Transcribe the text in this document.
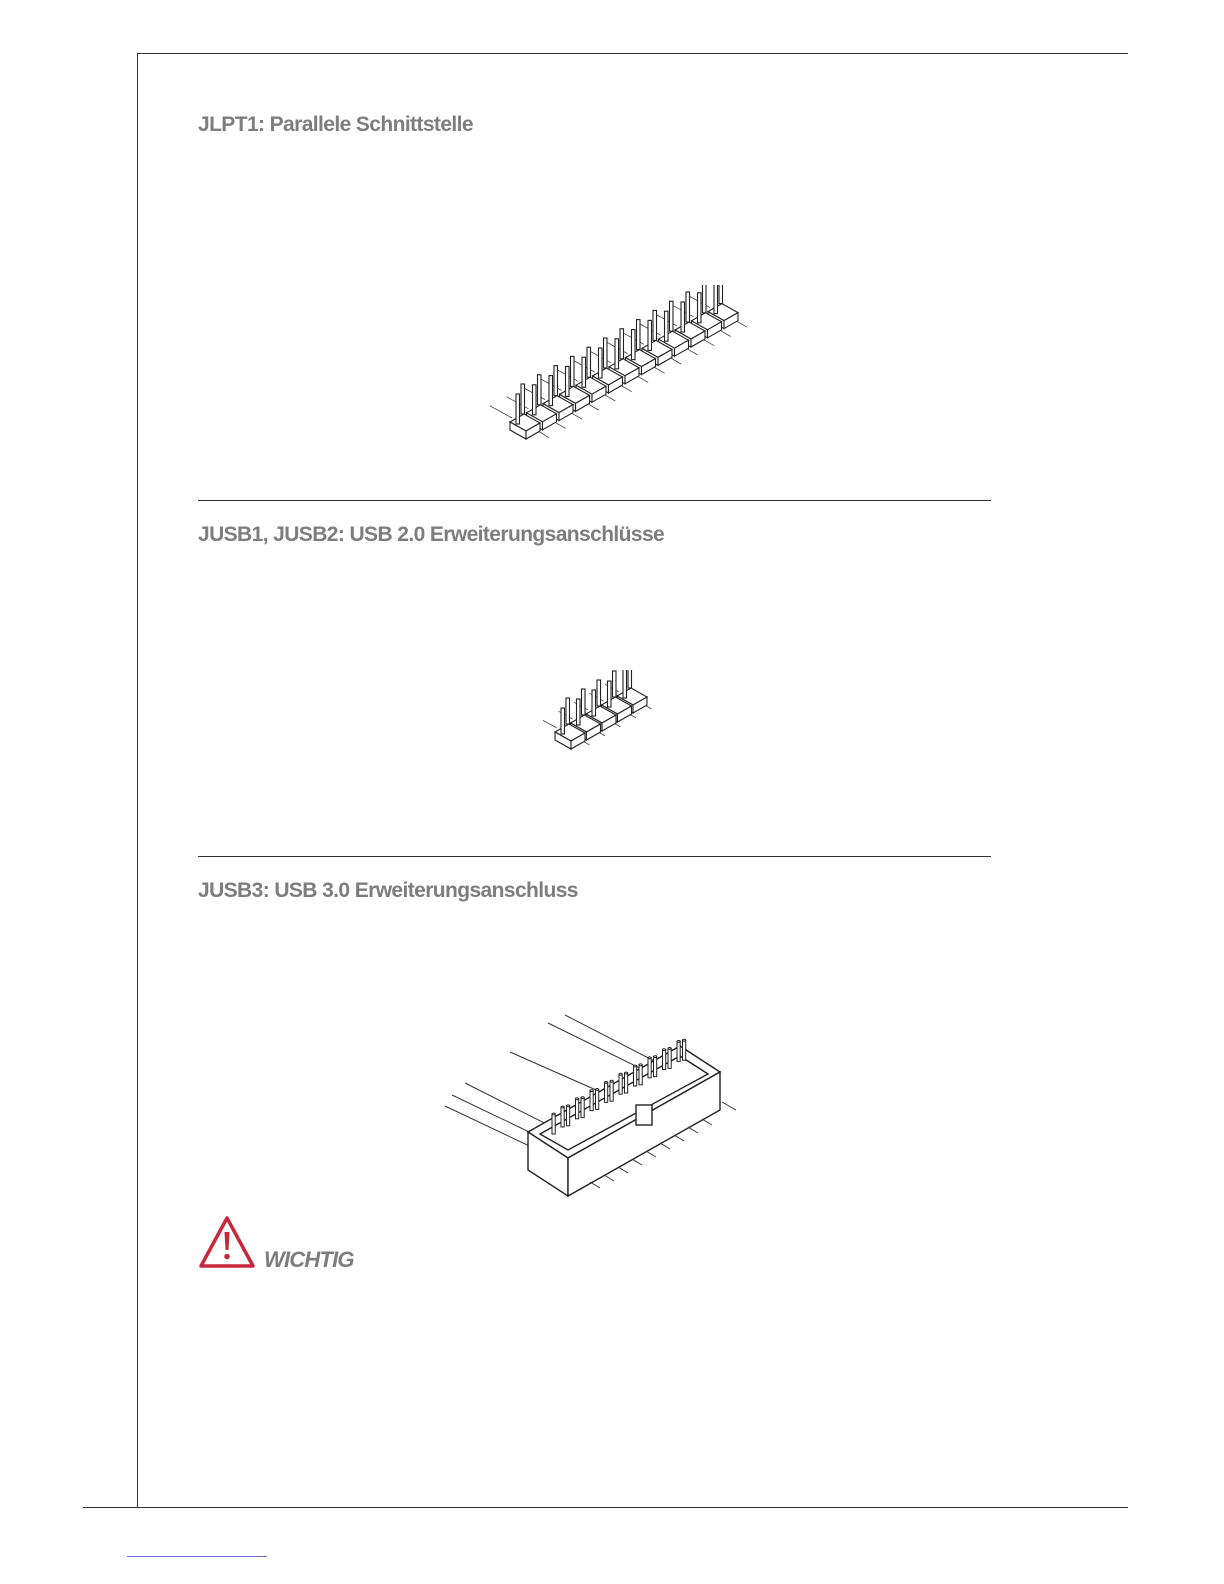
JLPT1: Parallele Schnittstelle
JUSB1, JUSB2: USB 2.0 Erweiterungsanschlüsse
JUSB3: USB 3.0 Erweiterungsanschluss
WICHTIG
